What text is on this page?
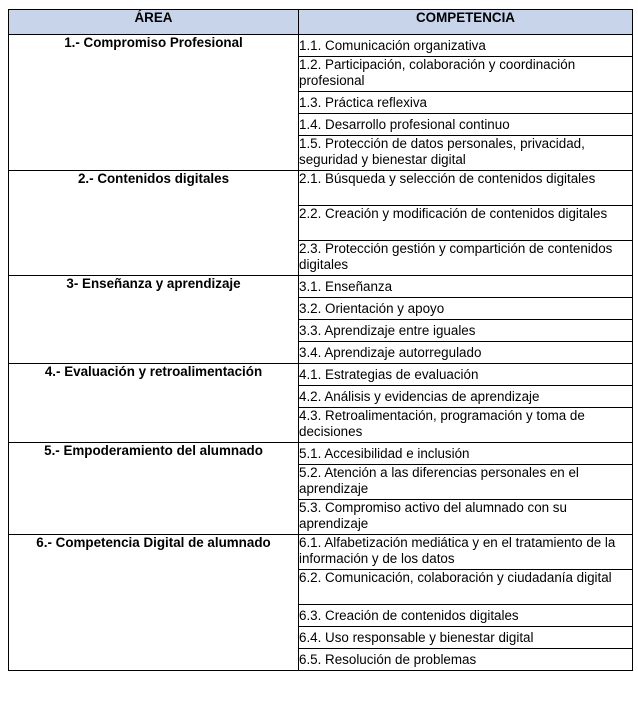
ÁREA	COMPETENCIA
1.- Compromiso Profesional	1.1. Comunicación organizativa
	1.2. Participación, colaboración y coordinación profesional
	1.3. Práctica reflexiva
	1.4. Desarrollo profesional continuo
	1.5. Protección de datos personales, privacidad, seguridad y bienestar digital
2.- Contenidos digitales	2.1. Búsqueda y selección de contenidos digitales
	2.2. Creación y modificación de contenidos digitales
	2.3. Protección gestión y compartición de contenidos digitales
3- Enseñanza y aprendizaje	3.1. Enseñanza
	3.2. Orientación y apoyo
	3.3. Aprendizaje entre iguales
	3.4. Aprendizaje autorregulado
4.- Evaluación y retroalimentación	4.1. Estrategias de evaluación
	4.2. Análisis y evidencias de aprendizaje
	4.3. Retroalimentación, programación y toma de decisiones
5.- Empoderamiento del alumnado	5.1. Accesibilidad e inclusión
	5.2. Atención a las diferencias personales en el aprendizaje
	5.3. Compromiso activo del alumnado con su aprendizaje
6.- Competencia Digital de alumnado	6.1. Alfabetización mediática y en el tratamiento de la información y de los datos
	6.2. Comunicación, colaboración y ciudadanía digital
	6.3. Creación de contenidos digitales
	6.4. Uso responsable y bienestar digital
	6.5. Resolución de problemas
